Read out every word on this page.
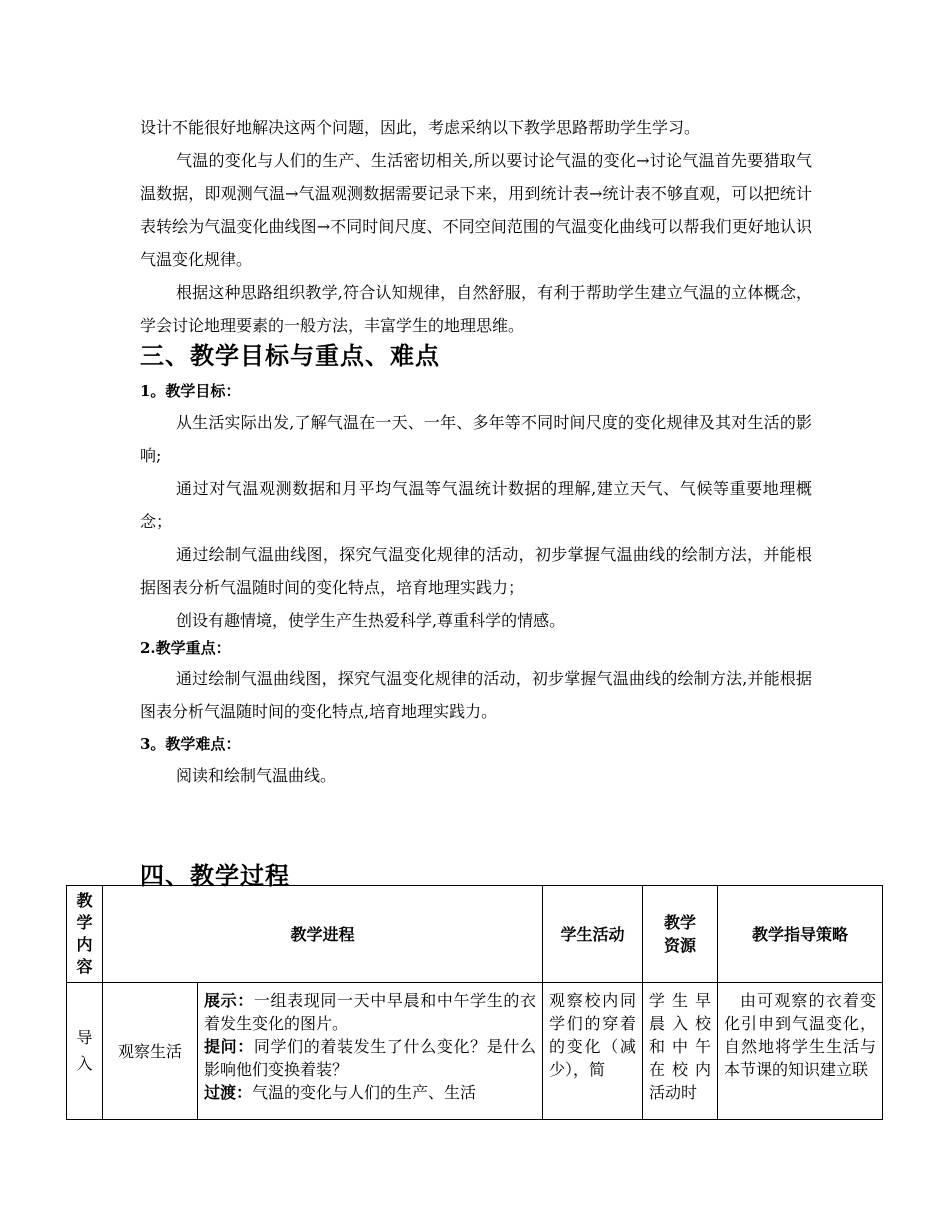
设计不能很好地解决这两个问题，因此，考虑采纳以下教学思路帮助学生学习。

气温的变化与人们的生产、生活密切相关,所以要讨论气温的变化→讨论气温首先要猎取气温数据，即观测气温→气温观测数据需要记录下来，用到统计表→统计表不够直观，可以把统计表转绘为气温变化曲线图→不同时间尺度、不同空间范围的气温变化曲线可以帮我们更好地认识气温变化规律。

根据这种思路组织教学,符合认知规律，自然舒服，有利于帮助学生建立气温的立体概念，学会讨论地理要素的一般方法，丰富学生的地理思维。

三、教学目标与重点、难点
1。教学目标：

从生活实际出发,了解气温在一天、一年、多年等不同时间尺度的变化规律及其对生活的影响;

通过对气温观测数据和月平均气温等气温统计数据的理解,建立天气、气候等重要地理概念；

通过绘制气温曲线图，探究气温变化规律的活动，初步掌握气温曲线的绘制方法，并能根据图表分析气温随时间的变化特点，培育地理实践力；

创设有趣情境，使学生产生热爱科学,尊重科学的情感。

2.教学重点：

通过绘制气温曲线图，探究气温变化规律的活动，初步掌握气温曲线的绘制方法,并能根据图表分析气温随时间的变化特点,培育地理实践力。

3。教学难点：

阅读和绘制气温曲线。

四、教学过程
教学内容	教学进程		学生活动	教学资源	教学指导策略

导入	观察生活	展示：一组表现同一天中早晨和中午学生的衣着发生变化的图片。
提问：同学们的着装发生了什么变化？是什么影响他们变换着装？
过渡：气温的变化与人们的生产、生活	观察校内同学们的穿着的变化（减少），简	学生早晨入校和中午在校内活动时	由可观察的衣着变化引申到气温变化，自然地将学生生活与本节课的知识建立联
